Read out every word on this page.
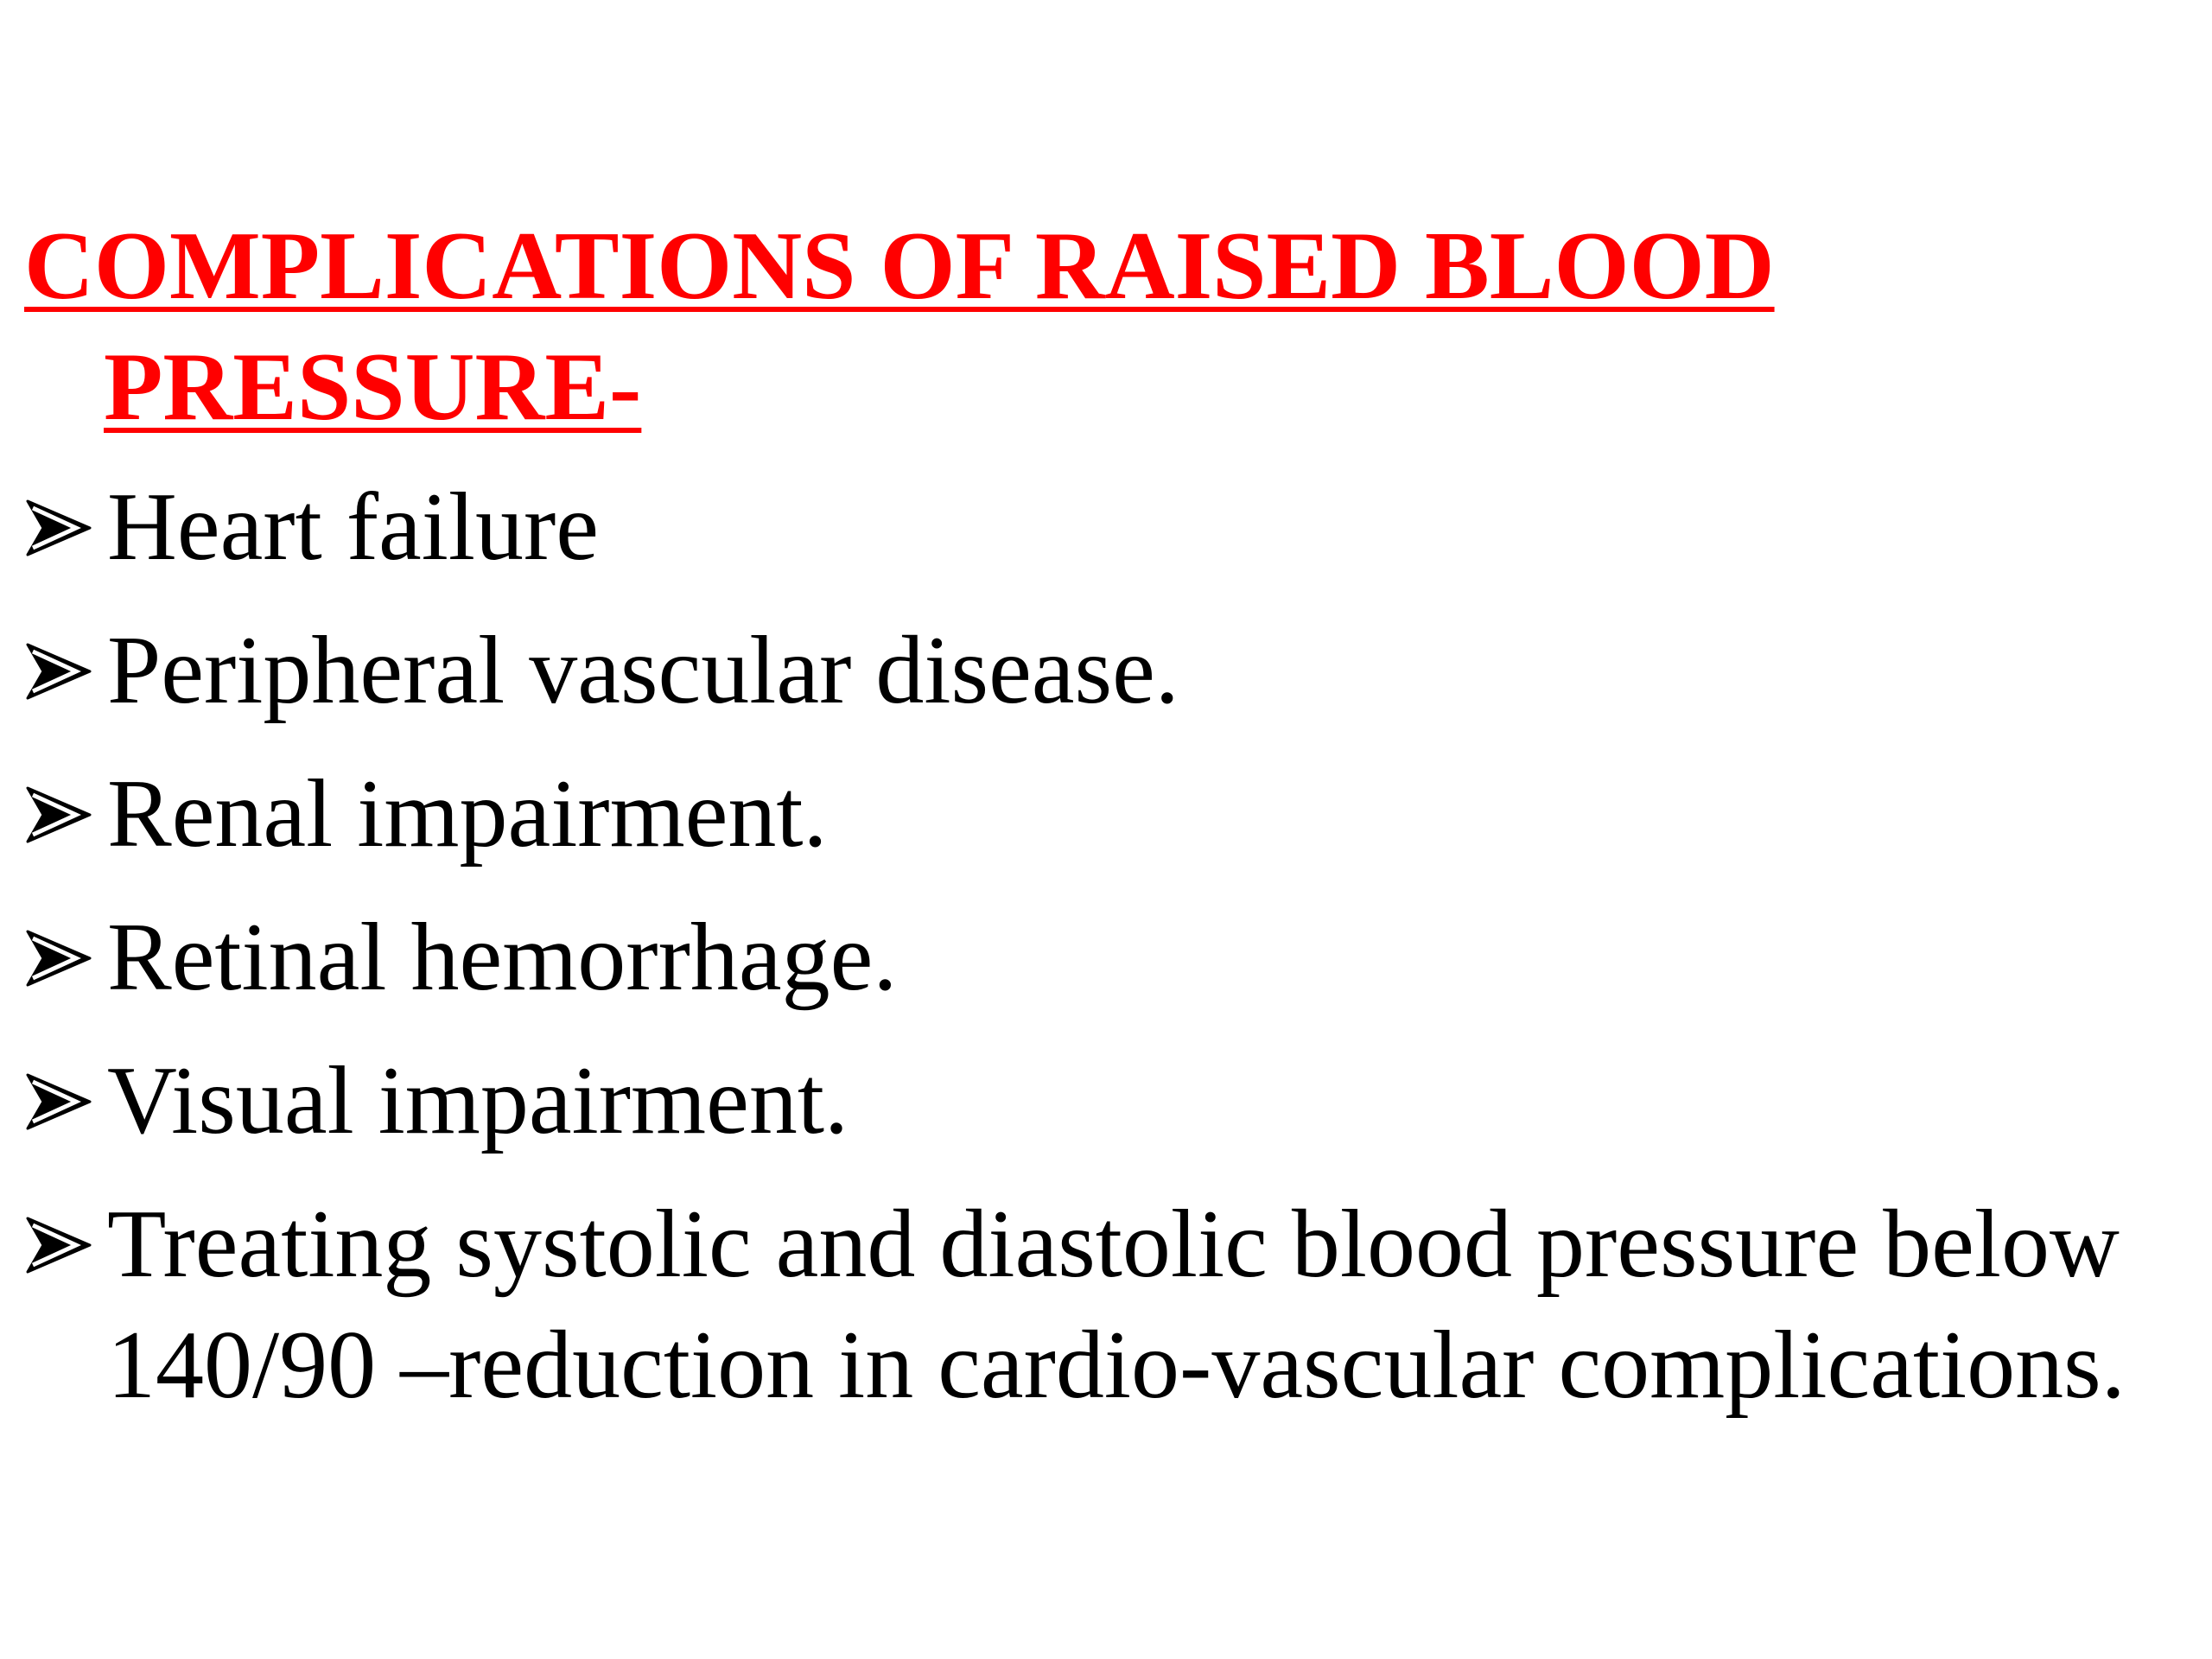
COMPLICATIONS OF RAISED BLOOD PRESSURE-
Heart failure
Peripheral vascular disease.
Renal impairment.
Retinal hemorrhage.
Visual impairment.
Treating systolic and diastolic blood pressure below 140/90 –reduction in cardio-vascular complications.
